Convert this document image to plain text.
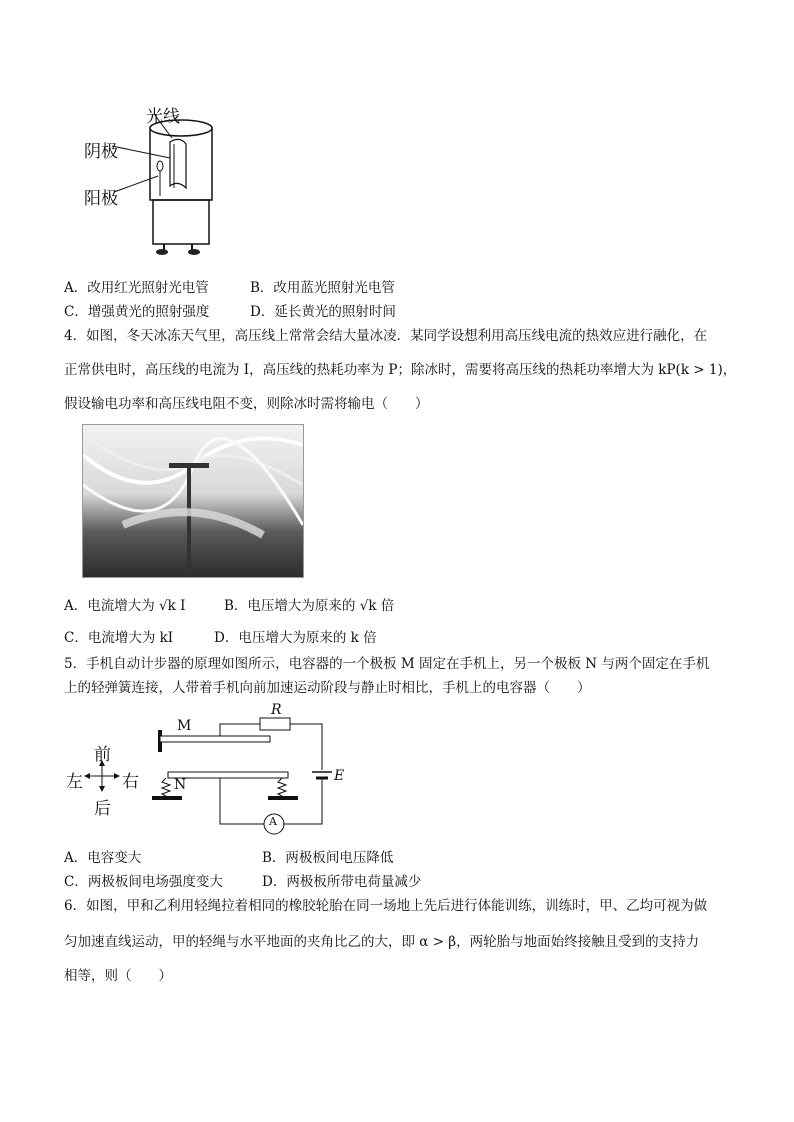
光线
阴极
阳极
A．改用红光照射光电管	B．改用蓝光照射光电管
C．增强黄光的照射强度	D．延长黄光的照射时间
4．如图，冬天冰冻天气里，高压线上常常会结大量冰凌．某同学设想利用高压线电流的热效应进行融化，在
正常供电时，高压线的电流为 I，高压线的热耗功率为 P；除冰时，需要将高压线的热耗功率增大为 kP(k > 1)，
假设输电功率和高压线电阻不变，则除冰时需将输电（　　）
A．电流增大为 √k I	B．电压增大为原来的 √k 倍
C．电流增大为 kI	D．电压增大为原来的 k 倍
5．手机自动计步器的原理如图所示，电容器的一个极板 M 固定在手机上，另一个极板 N 与两个固定在手机
上的轻弹簧连接，人带着手机向前加速运动阶段与静止时相比，手机上的电容器（　　）
前
后
左 右
M
N
R
E
A
A．电容变大	B．两极板间电压降低
C．两极板间电场强度变大	D．两极板所带电荷量减少
6．如图，甲和乙利用轻绳拉着相同的橡胶轮胎在同一场地上先后进行体能训练，训练时，甲、乙均可视为做
匀加速直线运动，甲的轻绳与水平地面的夹角比乙的大，即 α > β，两轮胎与地面始终接触且受到的支持力
相等，则（　　）
